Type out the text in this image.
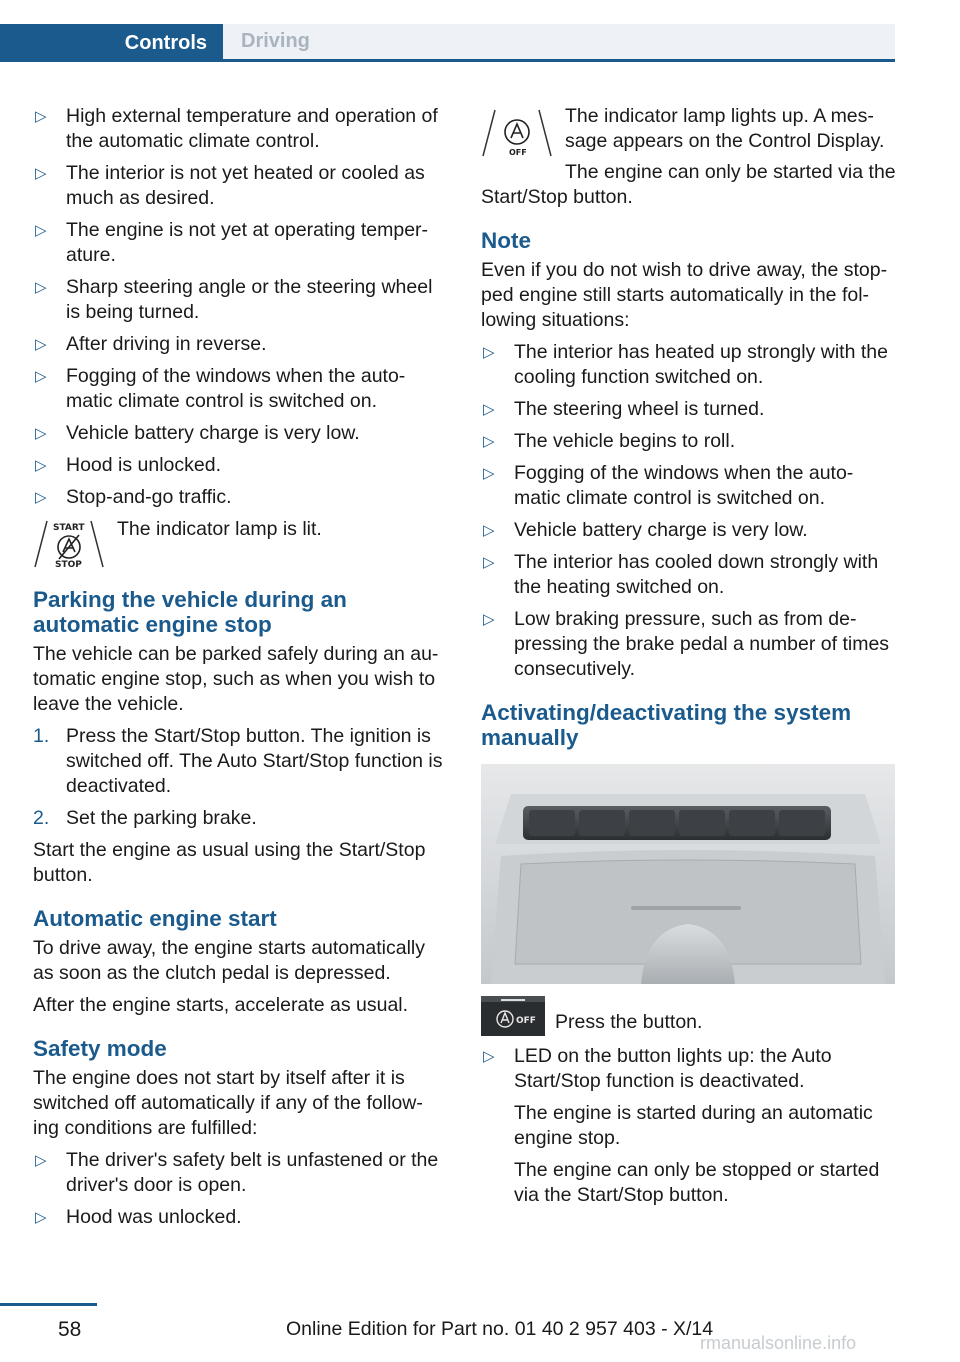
Controls Driving
▷ High external temperature and operation of the automatic climate control.
▷ The interior is not yet heated or cooled as much as desired.
▷ The engine is not yet at operating temper‐ature.
▷ Sharp steering angle or the steering wheel is being turned.
▷ After driving in reverse.
▷ Fogging of the windows when the auto‐matic climate control is switched on.
▷ Vehicle battery charge is very low.
▷ Hood is unlocked.
▷ Stop-and-go traffic.
START
STOP

The indicator lamp is lit.

Parking the vehicle during an automatic engine stop

The vehicle can be parked safely during an au‐tomatic engine stop, such as when you wish to leave the vehicle.

1. Press the Start/Stop button. The ignition is switched off. The Auto Start/Stop function is deactivated.
2. Set the parking brake.

Start the engine as usual using the Start/Stop button.

Automatic engine start

To drive away, the engine starts automatically as soon as the clutch pedal is depressed.

After the engine starts, accelerate as usual.

Safety mode

The engine does not start by itself after it is switched off automatically if any of the follow‐ing conditions are fulfilled:

▷ The driver's safety belt is unfastened or the driver's door is open.
▷ Hood was unlocked.
OFF

The indicator lamp lights up. A mes‐sage appears on the Control Display.

The engine can only be started via the Start/Stop button.

Note

Even if you do not wish to drive away, the stop‐ped engine still starts automatically in the fol‐lowing situations:

▷ The interior has heated up strongly with the cooling function switched on.
▷ The steering wheel is turned.
▷ The vehicle begins to roll.
▷ Fogging of the windows when the auto‐matic climate control is switched on.
▷ Vehicle battery charge is very low.
▷ The interior has cooled down strongly with the heating switched on.
▷ Low braking pressure, such as from de‐pressing the brake pedal a number of times consecutively.
Activating/deactivating the system manually
OFF Press the button.
▷ LED on the button lights up: the Auto Start/Stop function is deactivated.

The engine is started during an automatic engine stop.

The engine can only be stopped or started via the Start/Stop button.

58	Online Edition for Part no. 01 40 2 957 403 - X/14
rmanualsonline.info
